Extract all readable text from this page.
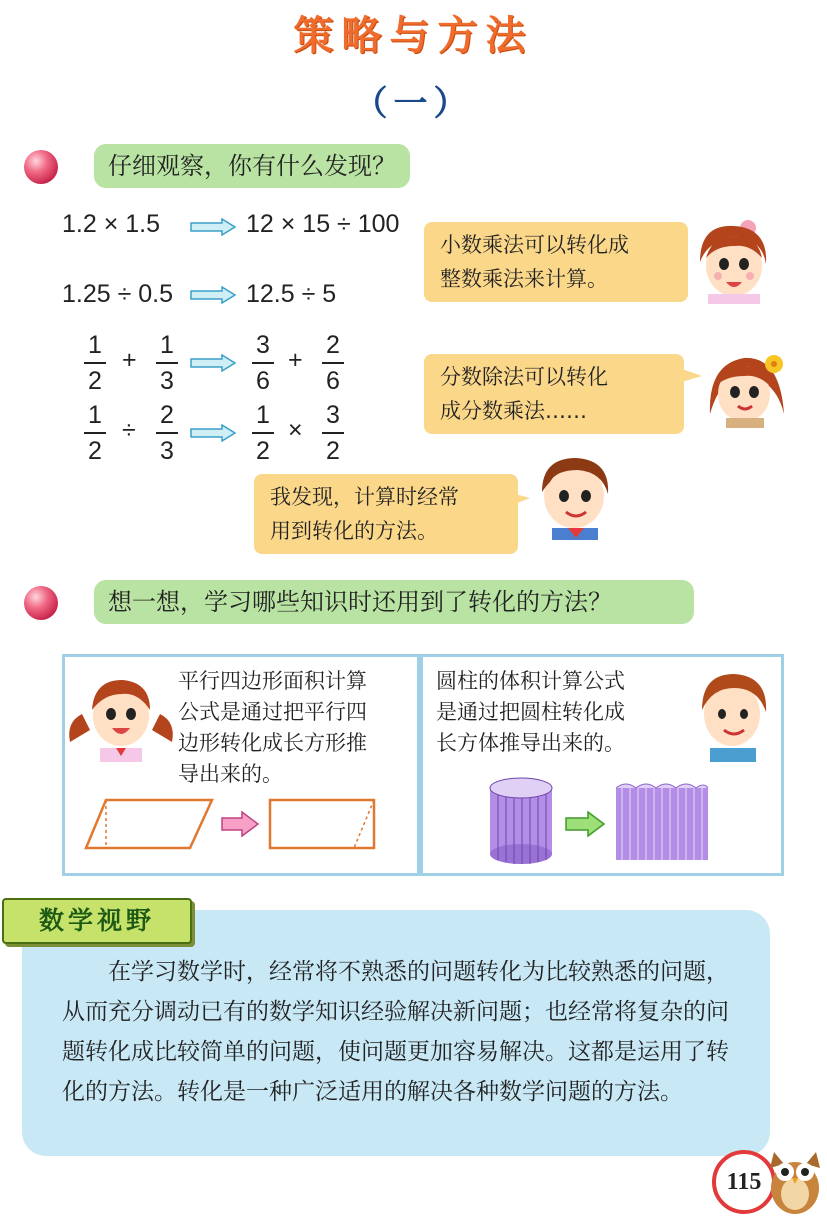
策略与方法
（一）
仔细观察，你有什么发现？
1.2 × 1.5	12 × 15 ÷ 100
1.25 ÷ 0.5	12.5 ÷ 5
1
2
+
1
3
3
6
+
2
6
1
2
÷
2
3
1
2
×
3
2
小数乘法可以转化成
整数乘法来计算。
分数除法可以转化
成分数乘法……
我发现，计算时经常
用到转化的方法。
想一想，学习哪些知识时还用到了转化的方法？
平行四边形面积计算
公式是通过把平行四
边形转化成长方形推
导出来的。
圆柱的体积计算公式
是通过把圆柱转化成
长方体推导出来的。
数学视野
在学习数学时，经常将不熟悉的问题转化为比较熟悉的问题， 从而充分调动已有的数学知识经验解决新问题；也经常将复杂的问题转化成比较简单的问题，使问题更加容易解决。这都是运用了转化的方法。转化是一种广泛适用的解决各种数学问题的方法。
115
